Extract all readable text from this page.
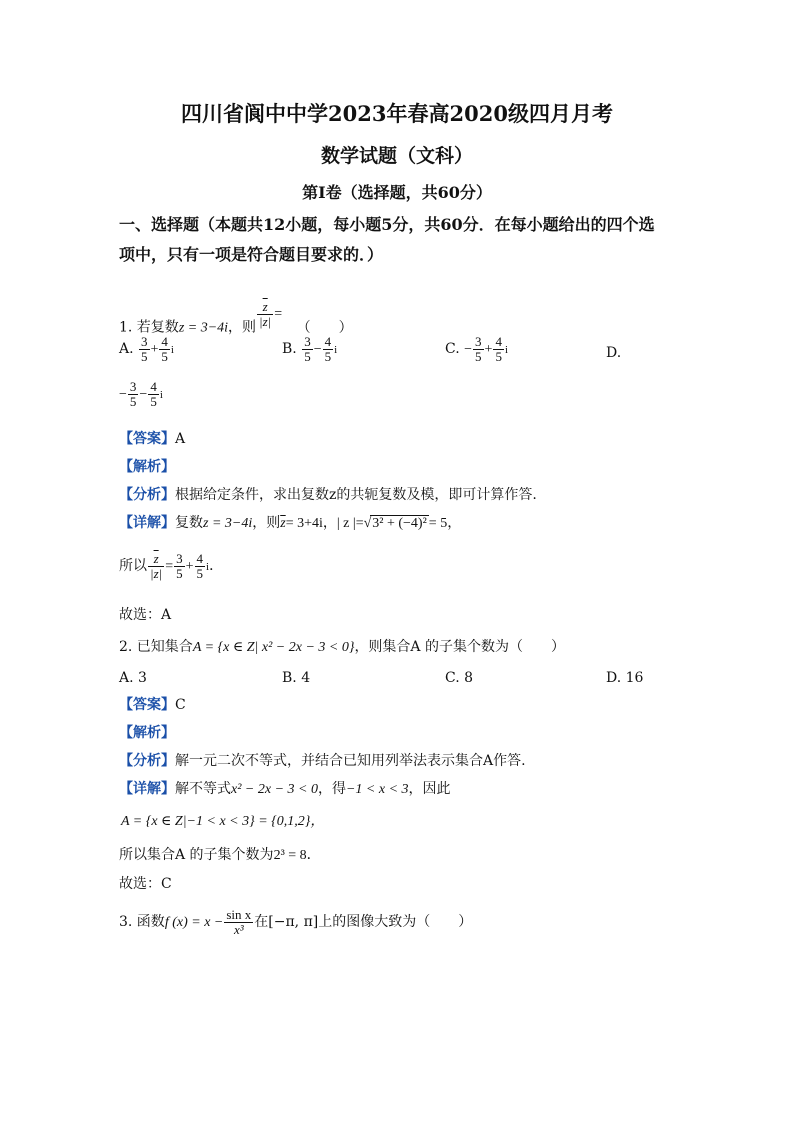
四川省阆中中学2023年春高2020级四月月考
数学试题（文科）
第I卷（选择题，共60分）
一、选择题（本题共12小题，每小题5分，共60分．在每小题给出的四个选
项中，只有一项是符合题目要求的．）
1. 若复数z = 3−4i，则 $\frac{\overline{z}}{|z|}$ = （　　）
A. $\frac{3}{5} + \frac{4}{5}$ i	B. $\frac{3}{5} - \frac{4}{5}$ i	C. − $\frac{3}{5} + \frac{4}{5}$ i	D.
− $\frac{3}{5} - \frac{4}{5}$ i
【答案】A
【解析】
【分析】根据给定条件，求出复数z的共轭复数及模，即可计算作答.
【详解】复数z = 3−4i，则$\overline{z}= 3+4i$，| z |=√3² + (−4)² = 5，
所以 $\frac{\overline{z}}{|z|} = \frac{3}{5} + \frac{4}{5}$ i．
故选：A
2. 已知集合A = {x ∈ Z| x² − 2x − 3 < 0}，则集合A 的子集个数为（　　）
A. 3	B. 4	C. 8	D. 16
【答案】C
【解析】
【分析】解一元二次不等式，并结合已知用列举法表示集合A作答.
【详解】解不等式x² − 2x − 3 < 0，得−1 < x < 3，因此
A = {x ∈ Z|−1 < x < 3} = {0,1,2}，
所以集合A 的子集个数为2³ = 8．
故选：C
3. 函数f $(x) = x - \frac{\text{sin x}}{\text{x³}}$ 在[−π, π]上的图像大致为（　　）
